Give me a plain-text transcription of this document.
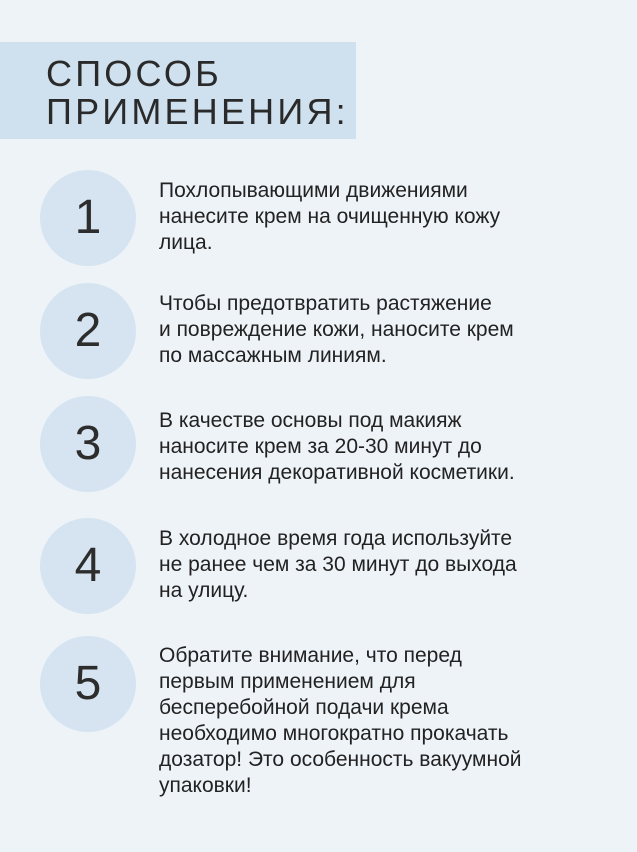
СПОСОБ
ПРИМЕНЕНИЯ:
1
Похлопывающими движениями
нанесите крем на очищенную кожу
лица.
2
Чтобы предотвратить растяжение
и повреждение кожи, наносите крем
по массажным линиям.
3	В качестве основы под макияж
наносите крем за 20-30 минут до
нанесения декоративной косметики.
4
В холодное время года используйте
не ранее чем за 30 минут до выхода
на улицу.
5
Обратите внимание, что перед
первым применением для
бесперебойной подачи крема
необходимо многократно прокачать
дозатор! Это особенность вакуумной
упаковки!
